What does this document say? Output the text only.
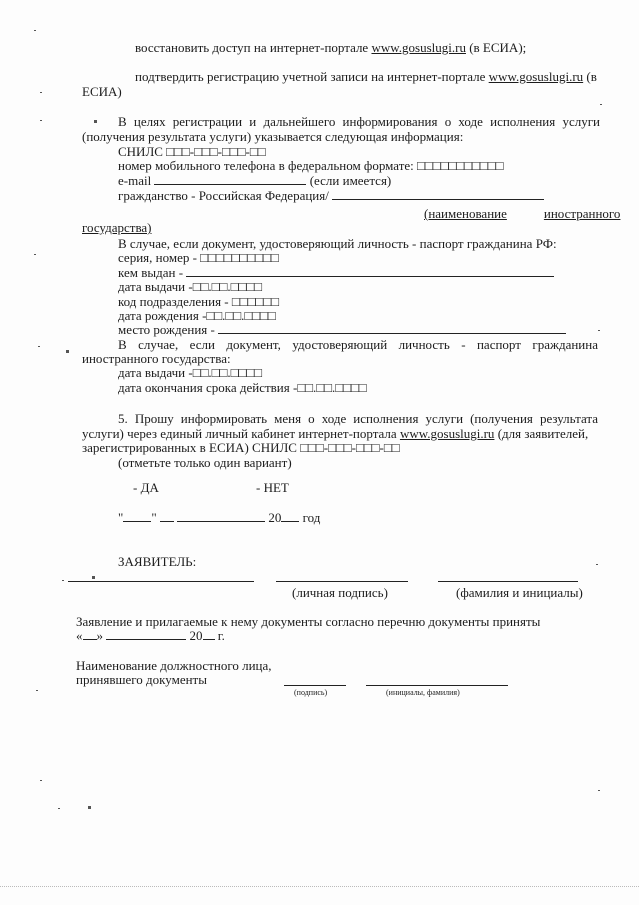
восстановить доступ на интернет-портале www.gosuslugi.ru (в ЕСИА);
подтвердить регистрацию учетной записи на интернет-портале www.gosuslugi.ru (в
ЕСИА)
В целях регистрации и дальнейшего информирования о ходе исполнения услуги
(получения результата услуги) указывается следующая информация:
СНИЛС □□□-□□□-□□□-□□
номер мобильного телефона в федеральном формате: □□□□□□□□□□□
e-mail	(если имеется)
гражданство - Российская Федерация/
(наименование	иностранного
государства)
В случае, если документ, удостоверяющий личность - паспорт гражданина РФ:
серия, номер - □□□□□□□□□□
кем выдан -
дата выдачи -□□.□□.□□□□
код подразделения - □□□□□□
дата рождения -□□.□□.□□□□
место рождения -
В случае, если документ, удостоверяющий личность - паспорт гражданина
иностранного государства:
дата выдачи -□□.□□.□□□□
дата окончания срока действия -□□.□□.□□□□
5. Прошу информировать меня о ходе исполнения услуги (получения результата
услуги) через единый личный кабинет интернет-портала www.gosuslugi.ru (для заявителей,
зарегистрированных в ЕСИА) СНИЛС □□□-□□□-□□□-□□
(отметьте только один вариант)
- ДА	- НЕТ
" "	20 год
ЗАЯВИТЕЛЬ:
(личная подпись)	(фамилия и инициалы)
Заявление и прилагаемые к нему документы согласно перечню документы приняты
« »	20 г.
Наименование должностного лица,
принявшего документы
(подпись)	(инициалы, фамилия)
